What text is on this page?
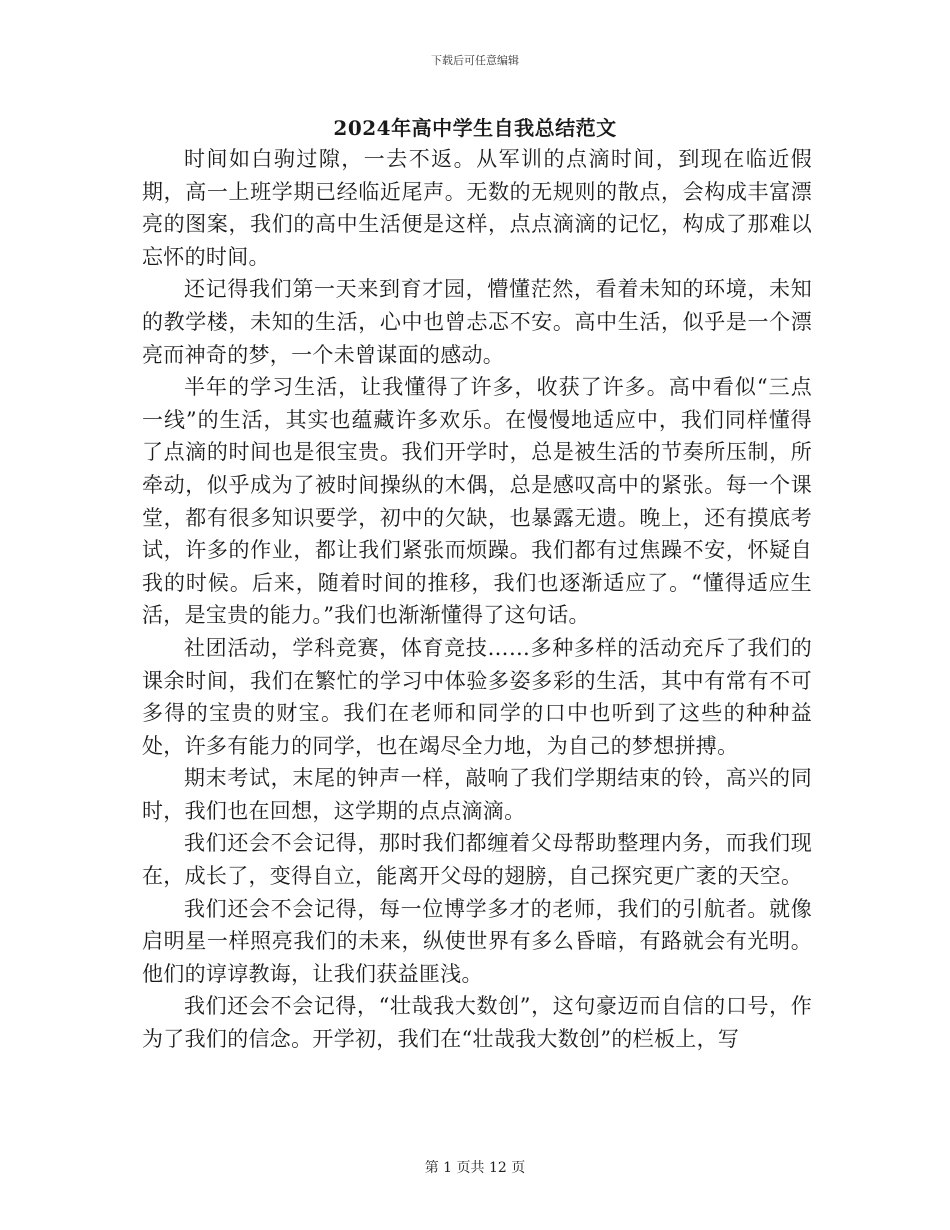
下载后可任意编辑
2024年高中学生自我总结范文

时间如白驹过隙，一去不返。从军训的点滴时间，到现在临近假期，高一上班学期已经临近尾声。无数的无规则的散点，会构成丰富漂亮的图案，我们的高中生活便是这样，点点滴滴的记忆，构成了那难以忘怀的时间。

还记得我们第一天来到育才园，懵懂茫然，看着未知的环境，未知的教学楼，未知的生活，心中也曾忐忑不安。高中生活，似乎是一个漂亮而神奇的梦，一个未曾谋面的感动。

半年的学习生活，让我懂得了许多，收获了许多。高中看似“三点一线”的生活，其实也蕴藏许多欢乐。在慢慢地适应中，我们同样懂得了点滴的时间也是很宝贵。我们开学时，总是被生活的节奏所压制，所牵动，似乎成为了被时间操纵的木偶，总是感叹高中的紧张。每一个课堂，都有很多知识要学，初中的欠缺，也暴露无遗。晚上，还有摸底考试，许多的作业，都让我们紧张而烦躁。我们都有过焦躁不安，怀疑自我的时候。后来，随着时间的推移，我们也逐渐适应了。“懂得适应生活，是宝贵的能力。”我们也渐渐懂得了这句话。

社团活动，学科竞赛，体育竞技……多种多样的活动充斥了我们的课余时间，我们在繁忙的学习中体验多姿多彩的生活，其中有常有不可多得的宝贵的财宝。我们在老师和同学的口中也听到了这些的种种益处，许多有能力的同学，也在竭尽全力地，为自己的梦想拼搏。

期末考试，末尾的钟声一样，敲响了我们学期结束的铃，高兴的同时，我们也在回想，这学期的点点滴滴。

我们还会不会记得，那时我们都缠着父母帮助整理内务，而我们现在，成长了，变得自立，能离开父母的翅膀，自己探究更广袤的天空。

我们还会不会记得，每一位博学多才的老师，我们的引航者。就像启明星一样照亮我们的未来，纵使世界有多么昏暗，有路就会有光明。他们的谆谆教诲，让我们获益匪浅。

我们还会不会记得，“壮哉我大数创”，这句豪迈而自信的口号，作为了我们的信念。开学初，我们在“壮哉我大数创”的栏板上，写

第 1 页共 12 页
